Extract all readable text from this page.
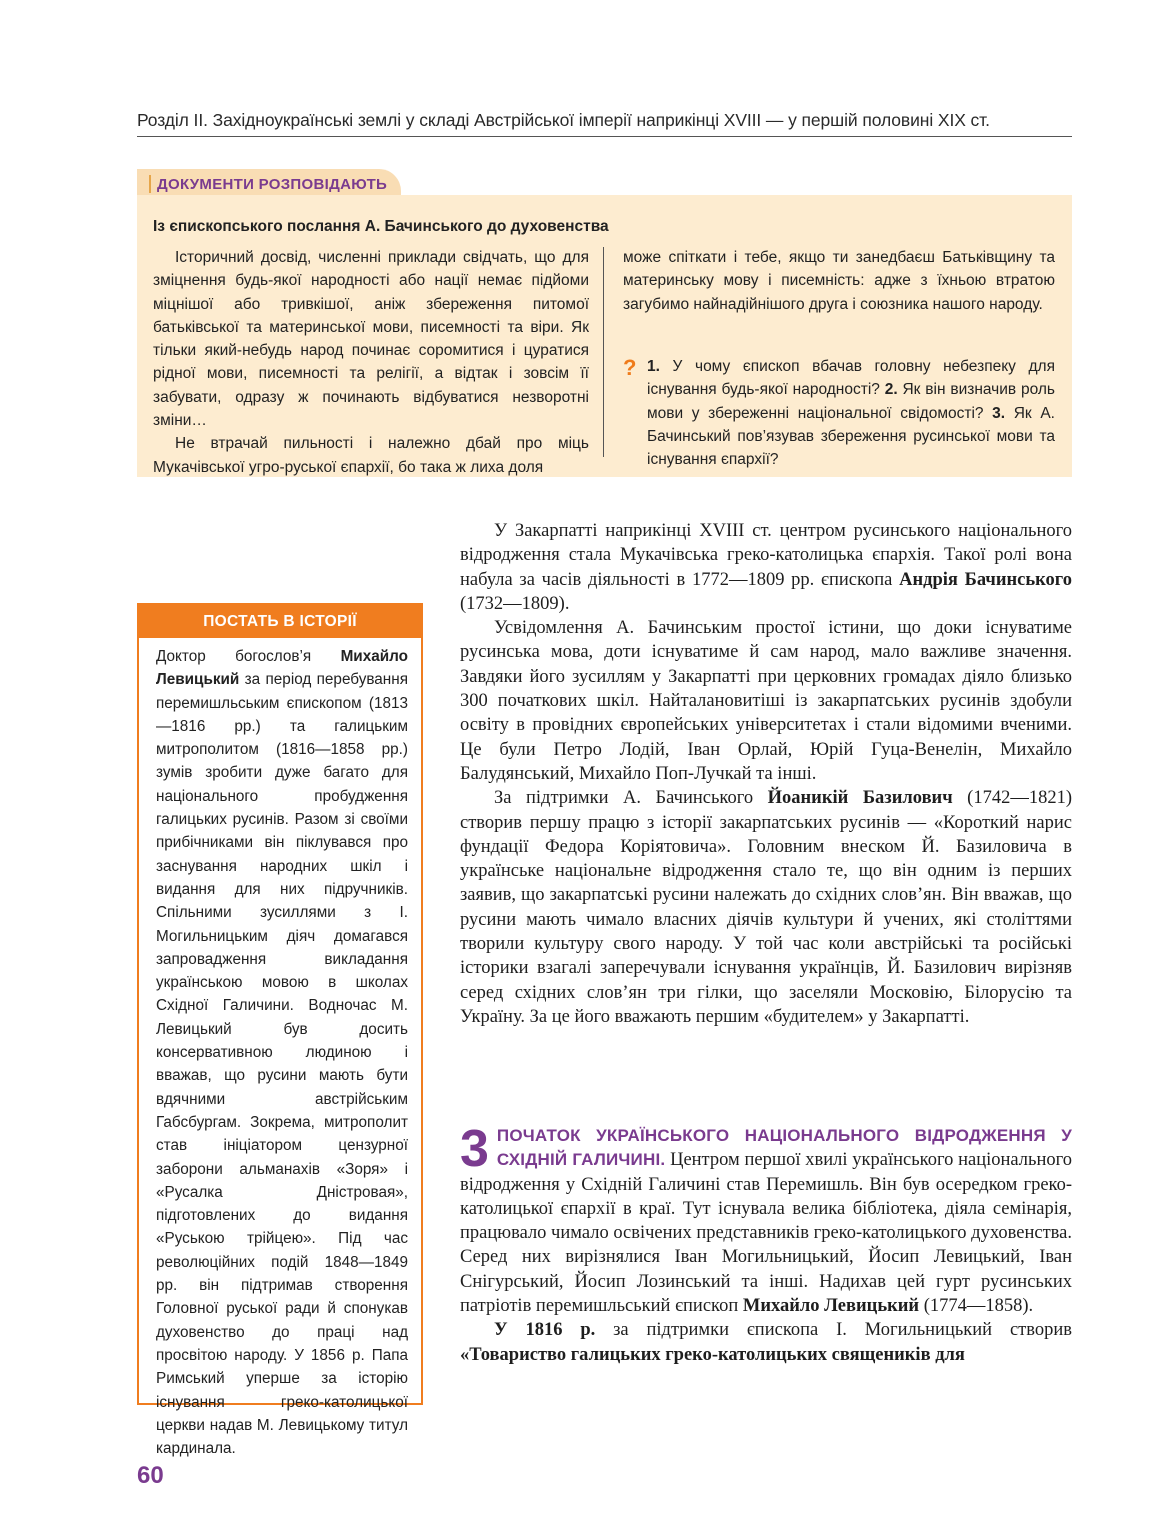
Розділ ІІ. Західноукраїнські землі у складі Австрійської імперії наприкінці XVIII — у першій половині ХІХ ст.
ДОКУМЕНТИ РОЗПОВІДАЮТЬ
Із єпископського послання А. Бачинського до духовенства

Історичний досвід, численні приклади свідчать, що для зміцнення будь-якої народності або нації немає підйоми міцнішої або тривкішої, аніж збереження питомої батьківської та материнської мови, писемності та віри. Як тільки який-небудь народ починає соромитися і цуратися рідної мови, писемності та релігії, а відтак і зовсім її забувати, одразу ж починають відбуватися незворотні зміни…

Не втрачай пильності і належно дбай про міць Мукачівської угро-руської єпархії, бо така ж лиха доля

може спіткати і тебе, якщо ти занедбаєш Батьківщину та материнську мову і писемність: адже з їхньою втратою загубимо найнадійнішого друга і союзника нашого народу.

? 1. У чому єпископ вбачав головну небезпеку для існування будь-якої народності? 2. Як він визначив роль мови у збереженні національної свідомості? 3. Як А. Бачинський пов’язував збереження русинської мови та існування єпархії?
ПОСТАТЬ В ІСТОРІЇ
Доктор богослов’я Михайло Левицький за період перебування перемишльським єпископом (1813—1816 рр.) та галицьким митрополитом (1816—1858 рр.) зумів зробити дуже багато для національного пробудження галицьких русинів. Разом зі своїми прибічниками він піклувався про заснування народних шкіл і видання для них підручників. Спільними зусиллями з І. Могильницьким діяч домагався запровадження викладання українською мовою в школах Східної Галичини. Водночас М. Левицький був досить консервативною людиною і вважав, що русини мають бути вдячними австрійським Габсбургам. Зокрема, митрополит став ініціатором цензурної заборони альманахів «Зоря» і «Русалка Дністровая», підготовлених до видання «Руською трійцею». Під час революційних подій 1848—1849 рр. він підтримав створення Головної руської ради й спонукав духовенство до праці над просвітою народу. У 1856 р. Папа Римський уперше за історію існування греко-католицької церкви надав М. Левицькому титул кардинала.

У Закарпатті наприкінці XVIII ст. центром русинського національного відродження стала Мукачівська греко-католицька єпархія. Такої ролі вона набула за часів діяльності в 1772—1809 рр. єпископа Андрія Бачинського (1732—1809).

Усвідомлення А. Бачинським простої істини, що доки існуватиме русинська мова, доти існуватиме й сам народ, мало важливе значення. Завдяки його зусиллям у Закарпатті при церковних громадах діяло близько 300 початкових шкіл. Найталановитіші із закарпатських русинів здобули освіту в провідних європейських університетах і стали відомими вченими. Це були Петро Лодій, Іван Орлай, Юрій Гуца-Венелін, Михайло Балудянський, Михайло Поп-Лучкай та інші.

За підтримки А. Бачинського Йоаникій Базилович (1742—1821) створив першу працю з історії закарпатських русинів — «Короткий нарис фундації Федора Коріятовича». Головним внеском Й. Базиловича в українське національне відродження стало те, що він одним із перших заявив, що закарпатські русини належать до східних слов’ян. Він вважав, що русини мають чимало власних діячів культури й учених, які століттями творили культуру свого народу. У той час коли австрійські та російські історики взагалі заперечували існування українців, Й. Базилович вирізняв серед східних слов’ян три гілки, що заселяли Московію, Білорусію та Україну. За це його вважають першим «будителем» у Закарпатті.

3 ПОЧАТОК УКРАЇНСЬКОГО НАЦІОНАЛЬНОГО ВІДРОДЖЕННЯ У СХІДНІЙ ГАЛИЧИНІ. Центром першої хвилі українського національного відродження у Східній Галичині став Перемишль. Він був осередком греко-католицької єпархії в краї. Тут існувала велика бібліотека, діяла семінарія, працювало чимало освічених представників греко-католицького духовенства. Серед них вирізнялися Іван Могильницький, Йосип Левицький, Іван Снігурський, Йосип Лозинський та інші. Надихав цей гурт русинських патріотів перемишльський єпископ Михайло Левицький (1774—1858).

У 1816 р. за підтримки єпископа І. Могильницький створив «Товариство галицьких греко-католицьких священиків для

60
